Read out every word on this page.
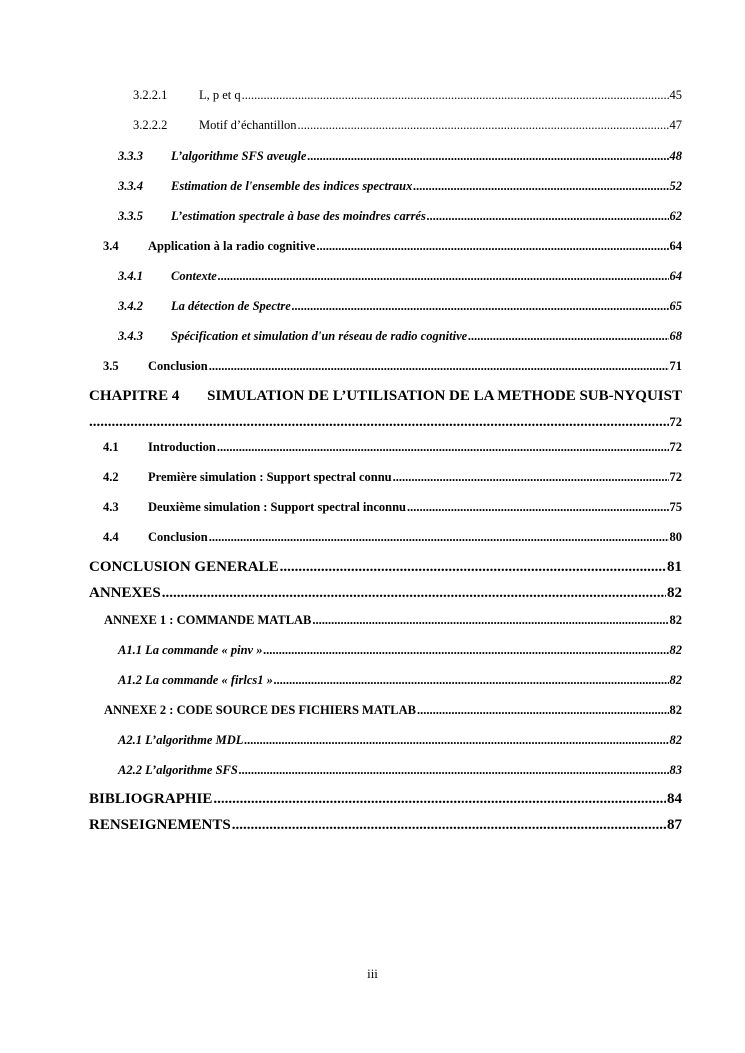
3.2.2.1	L, p et q .....	45
3.2.2.2	Motif d’échantillon .....	47
3.3.3	L’algorithme SFS aveugle .....	48
3.3.4	Estimation de l'ensemble des indices spectraux .....	52
3.3.5	L’estimation spectrale à base des moindres carrés .....	62
3.4	Application à la radio cognitive .....	64
3.4.1	Contexte .....	64
3.4.2	La détection de Spectre .....	65
3.4.3	Spécification et simulation d'un réseau de radio cognitive .....	68
3.5	Conclusion .....	71
CHAPITRE 4 SIMULATION DE L’UTILISATION DE LA METHODE SUB-NYQUIST
.....
72
4.1	Introduction .....	72
4.2	Première simulation : Support spectral connu .....	72
4.3	Deuxième simulation : Support spectral inconnu .....	75
4.4	Conclusion .....	80
CONCLUSION GENERALE .....	81
ANNEXES .....	82
ANNEXE 1 : COMMANDE MATLAB .....	82
A1.1 La commande « pinv » .....	82
A1.2 La commande « firlcs1 » .....	82
ANNEXE 2 : CODE SOURCE DES FICHIERS MATLAB .....	82
A2.1 L’algorithme MDL .....	82
A2.2 L’algorithme SFS .....	83
BIBLIOGRAPHIE .....	84
RENSEIGNEMENTS .....	87
iii
